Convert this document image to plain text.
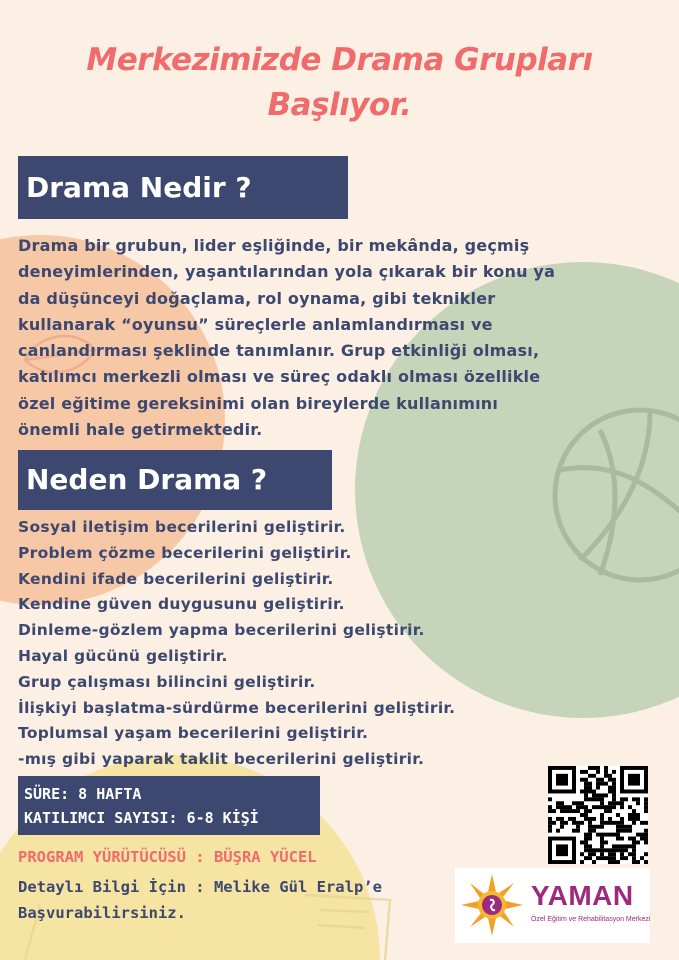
Merkezimizde Drama Grupları
Başlıyor.
Drama Nedir ?
Drama bir grubun, lider eşliğinde, bir mekânda, geçmiş
deneyimlerinden, yaşantılarından yola çıkarak bir konu ya
da düşünceyi doğaçlama, rol oynama, gibi teknikler
kullanarak “oyunsu” süreçlerle anlamlandırması ve
canlandırması şeklinde tanımlanır. Grup etkinliği olması,
katılımcı merkezli olması ve süreç odaklı olması özellikle
özel eğitime gereksinimi olan bireylerde kullanımını
önemli hale getirmektedir.
Neden Drama ?
Sosyal iletişim becerilerini geliştirir.
Problem çözme becerilerini geliştirir.
Kendini ifade becerilerini geliştirir.
Kendine güven duygusunu geliştirir.
Dinleme-gözlem yapma becerilerini geliştirir.
Hayal gücünü geliştirir.
Grup çalışması bilincini geliştirir.
İlişkiyi başlatma-sürdürme becerilerini geliştirir.
Toplumsal yaşam becerilerini geliştirir.
-mış gibi yaparak taklit becerilerini geliştirir.
SÜRE: 8 HAFTA
KATILIMCI SAYISI: 6-8 KİŞİ
PROGRAM YÜRÜTÜCÜSÜ : BÜŞRA YÜCEL
Detaylı Bilgi İçin : Melike Gül Eralp’e
Başvurabilirsiniz.
YAMAN
Özel Eğitim ve Rehabilitasyon Merkezi
